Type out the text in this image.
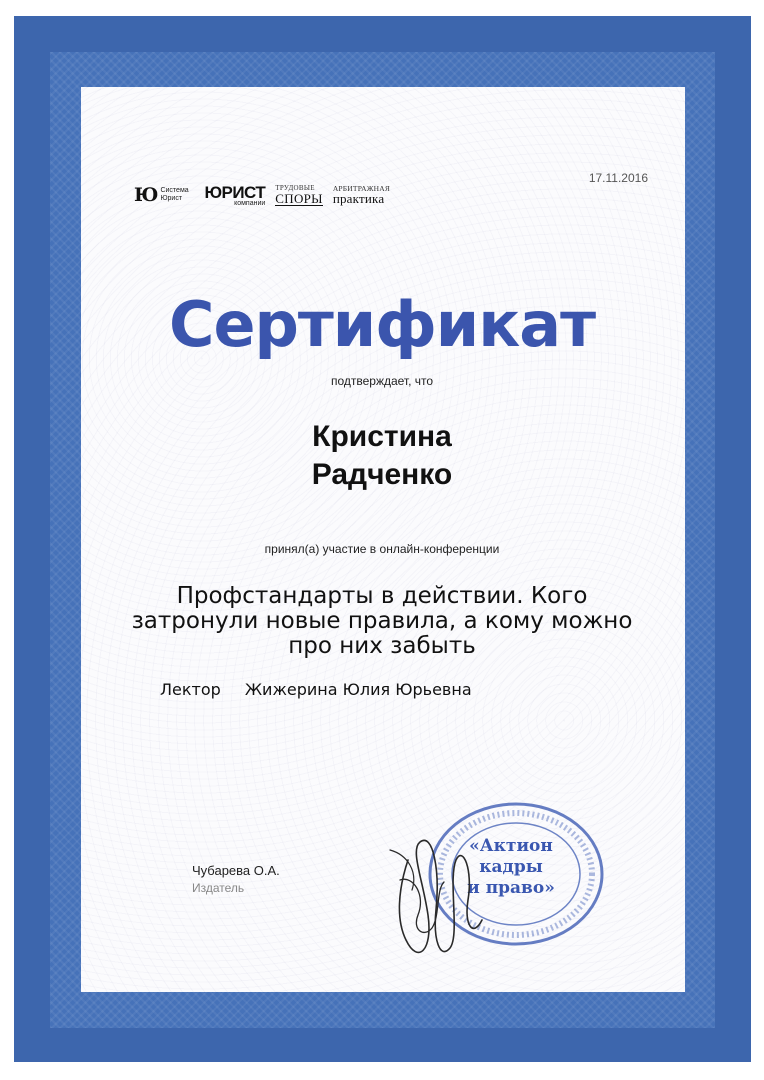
Ю Система Юрист	ЮРИСТ
компании
ТРУДОВЫЕ
СПОРЫ
АРБИТРАЖНАЯ
практика
17.11.2016
Сертификат
подтверждает, что
Кристина
Радченко
принял(а) участие в онлайн-конференции
Профстандарты в действии. Кого затронули новые правила, а кому можно про них забыть
Лектор Жижерина Юлия Юрьевна
Чубарева О.А.
Издатель
«Актион
кадры
и право»
